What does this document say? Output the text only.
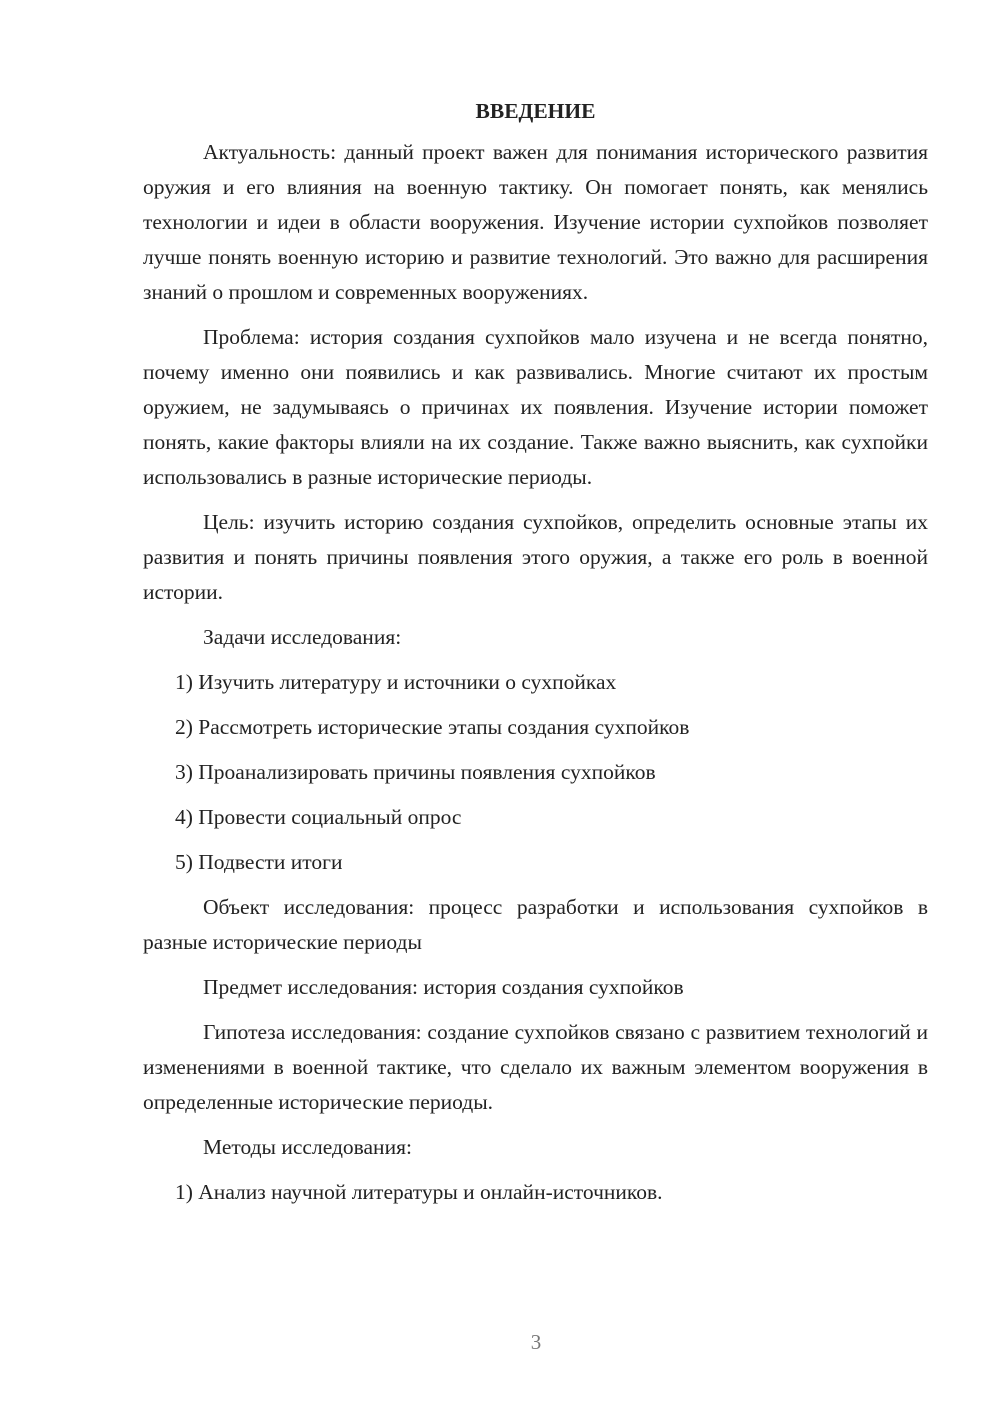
ВВЕДЕНИЕ

Актуальность: данный проект важен для понимания исторического развития оружия и его влияния на военную тактику. Он помогает понять, как менялись технологии и идеи в области вооружения. Изучение истории сухпойков позволяет лучше понять военную историю и развитие технологий. Это важно для расширения знаний о прошлом и современных вооружениях.

Проблема: история создания сухпойков мало изучена и не всегда понятно, почему именно они появились и как развивались. Многие считают их простым оружием, не задумываясь о причинах их появления. Изучение истории поможет понять, какие факторы влияли на их создание. Также важно выяснить, как сухпойки использовались в разные исторические периоды.

Цель: изучить историю создания сухпойков, определить основные этапы их развития и понять причины появления этого оружия, а также его роль в военной истории.

Задачи исследования:

1) Изучить литературу и источники о сухпойках

2) Рассмотреть исторические этапы создания сухпойков

3) Проанализировать причины появления сухпойков

4) Провести социальный опрос

5) Подвести итоги

Объект исследования: процесс разработки и использования сухпойков в разные исторические периоды

Предмет исследования: история создания сухпойков

Гипотеза исследования: создание сухпойков связано с развитием технологий и изменениями в военной тактике, что сделало их важным элементом вооружения в определенные исторические периоды.

Методы исследования:

1) Анализ научной литературы и онлайн-источников.

3
